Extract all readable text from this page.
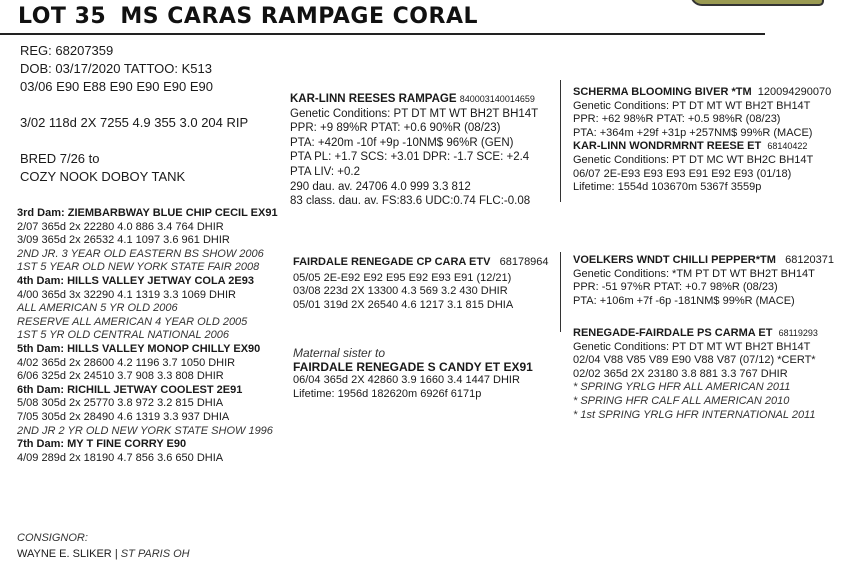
LOT 35 MS CARAS RAMPAGE CORAL
REG: 68207359
DOB: 03/17/2020 TATTOO: K513
03/06 E90 E88 E90 E90 E90 E90
3/02 118d 2X 7255 4.9 355 3.0 204 RIP
BRED 7/26 to
COZY NOOK DOBOY TANK
3rd Dam: ZIEMBARBWAY BLUE CHIP CECIL EX91
2/07 365d 2x 22280 4.0 886 3.4 764 DHIR
3/09 365d 2x 26532 4.1 1097 3.6 961 DHIR
2ND JR. 3 YEAR OLD EASTERN BS SHOW 2006
1ST 5 YEAR OLD NEW YORK STATE FAIR 2008
4th Dam: HILLS VALLEY JETWAY COLA 2E93
4/00 365d 3x 32290 4.1 1319 3.3 1069 DHIR
ALL AMERICAN 5 YR OLD 2006
RESERVE ALL AMERICAN 4 YEAR OLD 2005
1ST 5 YR OLD CENTRAL NATIONAL 2006
5th Dam: HILLS VALLEY MONOP CHILLY EX90
4/02 365d 2x 28600 4.2 1196 3.7 1050 DHIR
6/06 325d 2x 24510 3.7 908 3.3 808 DHIR
6th Dam: RICHILL JETWAY COOLEST 2E91
5/08 305d 2x 25770 3.8 972 3.2 815 DHIA
7/05 305d 2x 28490 4.6 1319 3.3 937 DHIA
2ND JR 2 YR OLD NEW YORK STATE SHOW 1996
7th Dam: MY T FINE CORRY E90
4/09 289d 2x 18190 4.7 856 3.6 650 DHIA
KAR-LINN REESES RAMPAGE 840003140014659
Genetic Conditions: PT DT MT WT BH2T BH14T
PPR: +9 89%R PTAT: +0.6 90%R (08/23)
PTA: +420m -10f +9p -10NM$ 96%R (GEN)
PTA PL: +1.7 SCS: +3.01 DPR: -1.7 SCE: +2.4
PTA LIV: +0.2
290 dau. av. 24706 4.0 999 3.3 812
83 class. dau. av. FS:83.6 UDC:0.74 FLC:-0.08
SCHERMA BLOOMING BIVER *TM 120094290070
Genetic Conditions: PT DT MT WT BH2T BH14T
PPR: +62 98%R PTAT: +0.5 98%R (08/23)
PTA: +364m +29f +31p +257NM$ 99%R (MACE)
KAR-LINN WONDRMRNT REESE ET 68140422
Genetic Conditions: PT DT MC WT BH2C BH14T
06/07 2E-E93 E93 E93 E91 E92 E93 (01/18)
Lifetime: 1554d 103670m 5367f 3559p
FAIRDALE RENEGADE CP CARA ETV 68178964
05/05 2E-E92 E92 E95 E92 E93 E91 (12/21)
03/08 223d 2X 13300 4.3 569 3.2 430 DHIR
05/01 319d 2X 26540 4.6 1217 3.1 815 DHIA
VOELKERS WNDT CHILLI PEPPER*TM 68120371
Genetic Conditions: *TM PT DT WT BH2T BH14T
PPR: -51 97%R PTAT: +0.7 98%R (08/23)
PTA: +106m +7f -6p -181NM$ 99%R (MACE)
RENEGADE-FAIRDALE PS CARMA ET 68119293
Genetic Conditions: PT DT MT WT BH2T BH14T
02/04 V88 V85 V89 E90 V88 V87 (07/12) *CERT*
02/02 365d 2X 23180 3.8 881 3.3 767 DHIR
* SPRING YRLG HFR ALL AMERICAN 2011
* SPRING HFR CALF ALL AMERICAN 2010
* 1st SPRING YRLG HFR INTERNATIONAL 2011
Maternal sister to
FAIRDALE RENEGADE S CANDY ET EX91
06/04 365d 2X 42860 3.9 1660 3.4 1447 DHIR
Lifetime: 1956d 182620m 6926f 6171p
CONSIGNOR:
WAYNE E. SLIKER | ST PARIS OH
